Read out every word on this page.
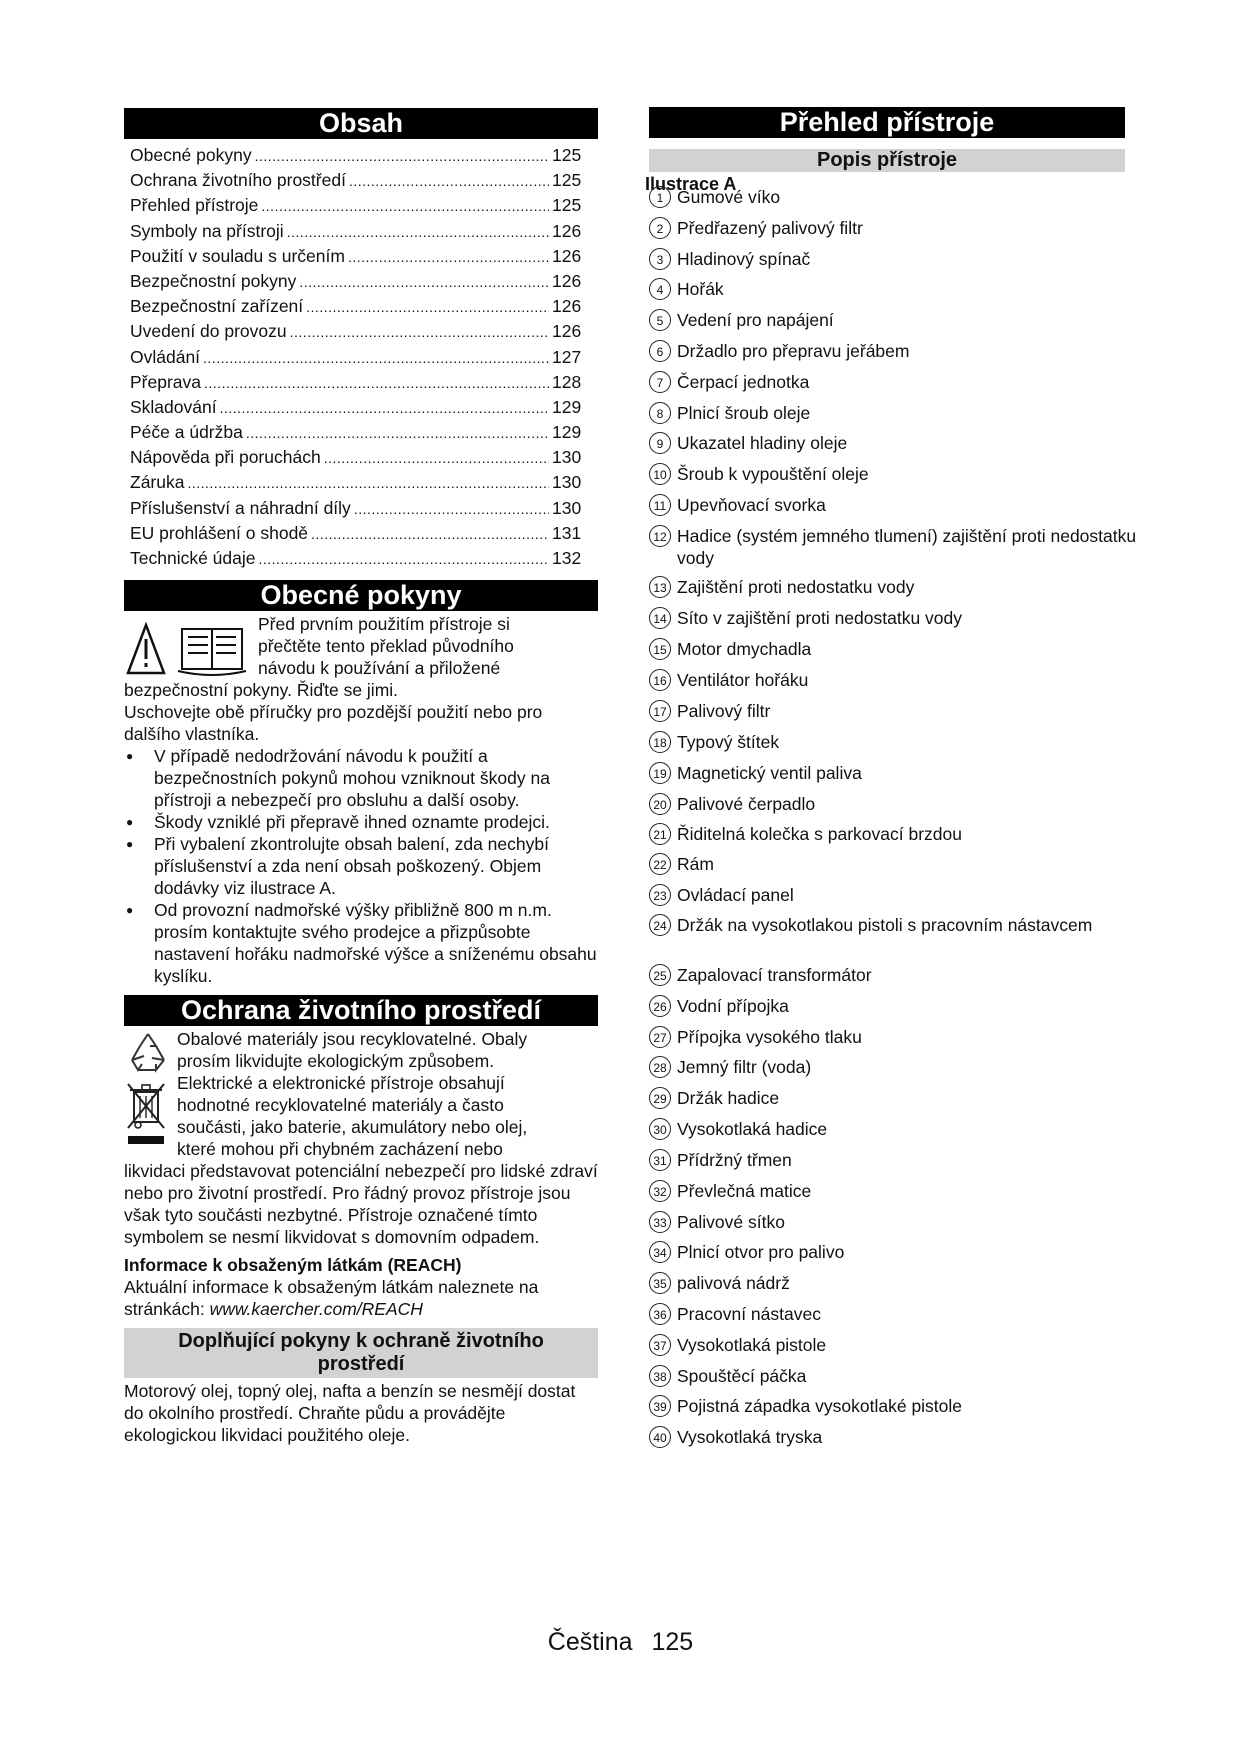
Obsah
Obecné pokyny .....	125
Ochrana životního prostředí .....	125
Přehled přístroje .....	125
Symboly na přístroji .....	126
Použití v souladu s určením .....	126
Bezpečnostní pokyny .....	126
Bezpečnostní zařízení .....	126
Uvedení do provozu .....	126
Ovládání .....	127
Přeprava .....	128
Skladování .....	129
Péče a údržba .....	129
Nápověda při poruchách .....	130
Záruka .....	130
Příslušenství a náhradní díly .....	130
EU prohlášení o shodě .....	131
Technické údaje .....	132
Obecné pokyny

Před prvním použitím přístroje si

přečtěte tento překlad původního

návodu k používání a přiložené

bezpečnostní pokyny. Řiďte se jimi.

Uschovejte obě příručky pro pozdější použití nebo pro dalšího vlastníka.

● V případě nedodržování návodu k použití a bezpečnostních pokynů mohou vzniknout škody na přístroji a nebezpečí pro obsluhu a další osoby.
● Škody vzniklé při přepravě ihned oznamte prodejci.
● Při vybalení zkontrolujte obsah balení, zda nechybí příslušenství a zda není obsah poškozený. Objem dodávky viz ilustrace A.
● Od provozní nadmořské výšky přibližně 800 m n.m. prosím kontaktujte svého prodejce a přizpůsobte nastavení hořáku nadmořské výšce a sníženému obsahu kyslíku.
Ochrana životního prostředí

Obalové materiály jsou recyklovatelné. Obaly

prosím likvidujte ekologickým způsobem.

Elektrické a elektronické přístroje obsahují

hodnotné recyklovatelné materiály a často

součásti, jako baterie, akumulátory nebo olej,

které mohou při chybném zacházení nebo

likvidaci představovat potenciální nebezpečí pro lidské zdraví nebo pro životní prostředí. Pro řádný provoz přístroje jsou však tyto součásti nezbytné. Přístroje označené tímto symbolem se nesmí likvidovat s domovním odpadem.

Informace k obsaženým látkám (REACH)

Aktuální informace k obsaženým látkám naleznete na stránkách: www.kaercher.com/REACH

Doplňující pokyny k ochraně životního prostředí
Motorový olej, topný olej, nafta a benzín se nesmějí dostat do okolního prostředí. Chraňte půdu a provádějte ekologickou likvidaci použitého oleje.
Přehled přístroje
Popis přístroje
Ilustrace A
1 Gumové víko
2 Předřazený palivový filtr
3 Hladinový spínač
4 Hořák
5 Vedení pro napájení
6 Držadlo pro přepravu jeřábem
7 Čerpací jednotka
8 Plnicí šroub oleje
9 Ukazatel hladiny oleje
10 Šroub k vypouštění oleje
11 Upevňovací svorka
12 Hadice (systém jemného tlumení) zajištění proti nedostatku vody
13 Zajištění proti nedostatku vody
14 Síto v zajištění proti nedostatku vody
15 Motor dmychadla
16 Ventilátor hořáku
17 Palivový filtr
18 Typový štítek
19 Magnetický ventil paliva
20 Palivové čerpadlo
21 Řiditelná kolečka s parkovací brzdou
22 Rám
23 Ovládací panel
24 Držák na vysokotlakou pistoli s pracovním nástavcem
25 Zapalovací transformátor
26 Vodní přípojka
27 Přípojka vysokého tlaku
28 Jemný filtr (voda)
29 Držák hadice
30 Vysokotlaká hadice
31 Přídržný třmen
32 Převlečná matice
33 Palivové sítko
34 Plnicí otvor pro palivo
35 palivová nádrž
36 Pracovní nástavec
37 Vysokotlaká pistole
38 Spouštěcí páčka
39 Pojistná západka vysokotlaké pistole
40 Vysokotlaká tryska
Čeština 125
